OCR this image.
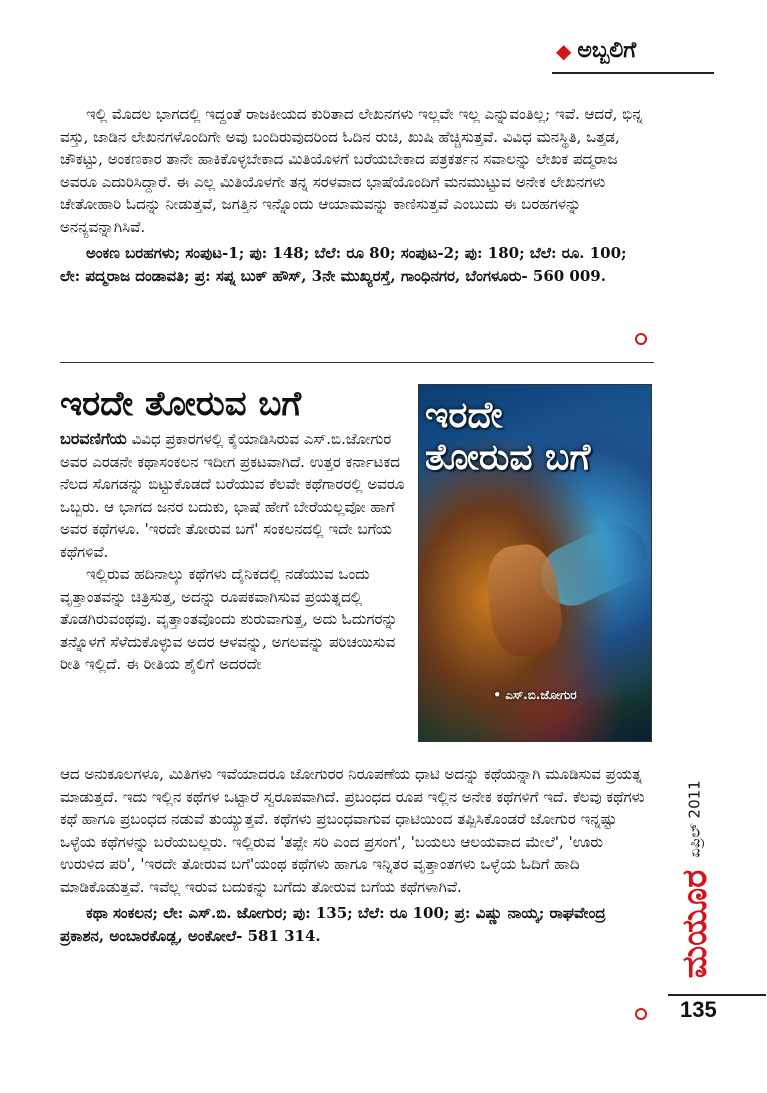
◆ ಅಬ್ಬಲಿಗೆ

ಇಲ್ಲಿ ಮೊದಲ ಭಾಗದಲ್ಲಿ ಇದ್ದಂತೆ ರಾಜಕೀಯದ ಕುರಿತಾದ ಲೇಖನಗಳು ಇಲ್ಲವೇ ಇಲ್ಲ ಎನ್ನುವಂತಿಲ್ಲ; ಇವೆ. ಆದರೆ, ಭಿನ್ನ ವಸ್ತು, ಜಾಡಿನ ಲೇಖನಗಳೊಂದಿಗೇ ಅವು ಬಂದಿರುವುದರಿಂದ ಓದಿನ ರುಚಿ, ಖುಷಿ ಹೆಚ್ಚಿಸುತ್ತವೆ. ವಿವಿಧ ಮನಸ್ಥಿತಿ, ಒತ್ತಡ, ಚೌಕಟ್ಟು, ಅಂಕಣಕಾರ ತಾನೇ ಹಾಕಿಕೊಳ್ಳಬೇಕಾದ ಮಿತಿಯೊಳಗೆ ಬರೆಯಬೇಕಾದ ಪತ್ರಕರ್ತನ ಸವಾಲನ್ನು ಲೇಖಕ ಪದ್ಮರಾಜ ಅವರೂ ಎದುರಿಸಿದ್ದಾರೆ. ಈ ಎಲ್ಲ ಮಿತಿಯೊಳಗೇ ತನ್ನ ಸರಳವಾದ ಭಾಷೆಯೊಂದಿಗೆ ಮನಮುಟ್ಟುವ ಅನೇಕ ಲೇಖನಗಳು ಚೇತೋಹಾರಿ ಓದನ್ನು ನೀಡುತ್ತವೆ, ಜಗತ್ತಿನ ಇನ್ನೊಂದು ಆಯಾಮವನ್ನು ಕಾಣಿಸುತ್ತವೆ ಎಂಬುದು ಈ ಬರಹಗಳನ್ನು ಅನನ್ಯವನ್ನಾಗಿಸಿವೆ.

ಅಂಕಣ ಬರಹಗಳು; ಸಂಪುಟ-1; ಪು: 148; ಬೆಲೆ: ರೂ 80; ಸಂಪುಟ-2; ಪು: 180; ಬೆಲೆ: ರೂ. 100; ಲೇ: ಪದ್ಮರಾಜ ದಂಡಾವತಿ; ಪ್ರ: ಸಪ್ನ ಬುಕ್ ಹೌಸ್, 3ನೇ ಮುಖ್ಯರಸ್ತೆ, ಗಾಂಧಿನಗರ, ಬೆಂಗಳೂರು- 560 009.

ಇರದೇ ತೋರುವ ಬಗೆ

ಬರವಣಿಗೆಯ ವಿವಿಧ ಪ್ರಕಾರಗಳಲ್ಲಿ ಕೈಯಾಡಿಸಿರುವ ಎಸ್.ಬಿ.ಜೋಗುರ ಅವರ ಎರಡನೇ ಕಥಾಸಂಕಲನ ಇದೀಗ ಪ್ರಕಟವಾಗಿದೆ. ಉತ್ತರ ಕರ್ನಾಟಕದ ನೆಲದ ಸೊಗಡನ್ನು ಬಿಟ್ಟುಕೊಡದೆ ಬರೆಯುವ ಕೆಲವೇ ಕಥೆಗಾರರಲ್ಲಿ ಅವರೂ ಒಬ್ಬರು. ಆ ಭಾಗದ ಜನರ ಬದುಕು, ಭಾಷೆ ಹೇಗೆ ಬೇರೆಯಲ್ಲವೋ ಹಾಗೆ ಅವರ ಕಥೆಗಳೂ. 'ಇರದೇ ತೋರುವ ಬಗೆ' ಸಂಕಲನದಲ್ಲಿ ಇದೇ ಬಗೆಯ ಕಥೆಗಳಿವೆ.

ಇಲ್ಲಿರುವ ಹದಿನಾಲ್ಕು ಕಥೆಗಳು ದೈನಿಕದಲ್ಲಿ ನಡೆಯುವ ಒಂದು ವೃತ್ತಾಂತವನ್ನು ಚಿತ್ರಿಸುತ್ತ, ಅದನ್ನು ರೂಪಕವಾಗಿಸುವ ಪ್ರಯತ್ನದಲ್ಲಿ ತೊಡಗಿರುವಂಥವು. ವೃತ್ತಾಂತವೊಂದು ಶುರುವಾಗುತ್ತ, ಅದು ಓದುಗರನ್ನು ತನ್ನೊಳಗೆ ಸೆಳೆದುಕೊಳ್ಳುವ ಅದರ ಆಳವನ್ನು, ಅಗಲವನ್ನು ಪರಿಚಯಿಸುವ ರೀತಿ ಇಲ್ಲಿದೆ. ಈ ರೀತಿಯ ಶೈಲಿಗೆ ಅದರದೇ

ಇರದೇ
ತೋರುವ ಬಗೆ
• ಎಸ್.ಬಿ.ಜೋಗುರ

ಆದ ಅನುಕೂಲಗಳೂ, ಮಿತಿಗಳು ಇವೆಯಾದರೂ ಜೋಗುರರ ನಿರೂಪಣೆಯ ಧಾಟಿ ಅದನ್ನು ಕಥೆಯನ್ನಾಗಿ ಮೂಡಿಸುವ ಪ್ರಯತ್ನ ಮಾಡುತ್ತದೆ. ಇದು ಇಲ್ಲಿನ ಕಥೆಗಳ ಒಟ್ಟಾರೆ ಸ್ವರೂಪವಾಗಿದೆ. ಪ್ರಬಂಧದ ರೂಪ ಇಲ್ಲಿನ ಅನೇಕ ಕಥೆಗಳಿಗೆ ಇದೆ. ಕೆಲವು ಕಥೆಗಳು ಕಥೆ ಹಾಗೂ ಪ್ರಬಂಧದ ನಡುವೆ ತುಯ್ಯುತ್ತವೆ. ಕಥೆಗಳು ಪ್ರಬಂಧವಾಗುವ ಧಾಟಿಯಿಂದ ತಪ್ಪಿಸಿಕೊಂಡರೆ ಜೋಗುರ ಇನ್ನಷ್ಟು ಒಳ್ಳೆಯ ಕಥೆಗಳನ್ನು ಬರೆಯಬಲ್ಲರು. ಇಲ್ಲಿರುವ 'ತಪ್ಪೇ ಸರಿ ಎಂದ ಪ್ರಸಂಗ', 'ಬಯಲು ಆಲಯವಾದ ಮೇಲೆ', 'ಊರು ಉರುಳಿದ ಪರಿ', 'ಇರದೇ ತೋರುವ ಬಗೆ'ಯಂಥ ಕಥೆಗಳು ಹಾಗೂ ಇನ್ನಿತರ ವೃತ್ತಾಂತಗಳು ಒಳ್ಳೆಯ ಓದಿಗೆ ಹಾದಿ ಮಾಡಿಕೊಡುತ್ತವೆ. ಇವೆಲ್ಲ ಇರುವ ಬದುಕನ್ನು ಬಗೆದು ತೋರುವ ಬಗೆಯ ಕಥೆಗಳಾಗಿವೆ.

ಕಥಾ ಸಂಕಲನ; ಲೇ: ಎಸ್.ಬಿ. ಜೋಗುರ; ಪು: 135; ಬೆಲೆ: ರೂ 100; ಪ್ರ: ವಿಷ್ಣು ನಾಯ್ಕ; ರಾಘವೇಂದ್ರ ಪ್ರಕಾಶನ, ಅಂಬಾರಕೊಡ್ಲ, ಅಂಕೋಲೆ- 581 314.

ಏಪ್ರಿಲ್ 2011
ಮಯೂರ
135
